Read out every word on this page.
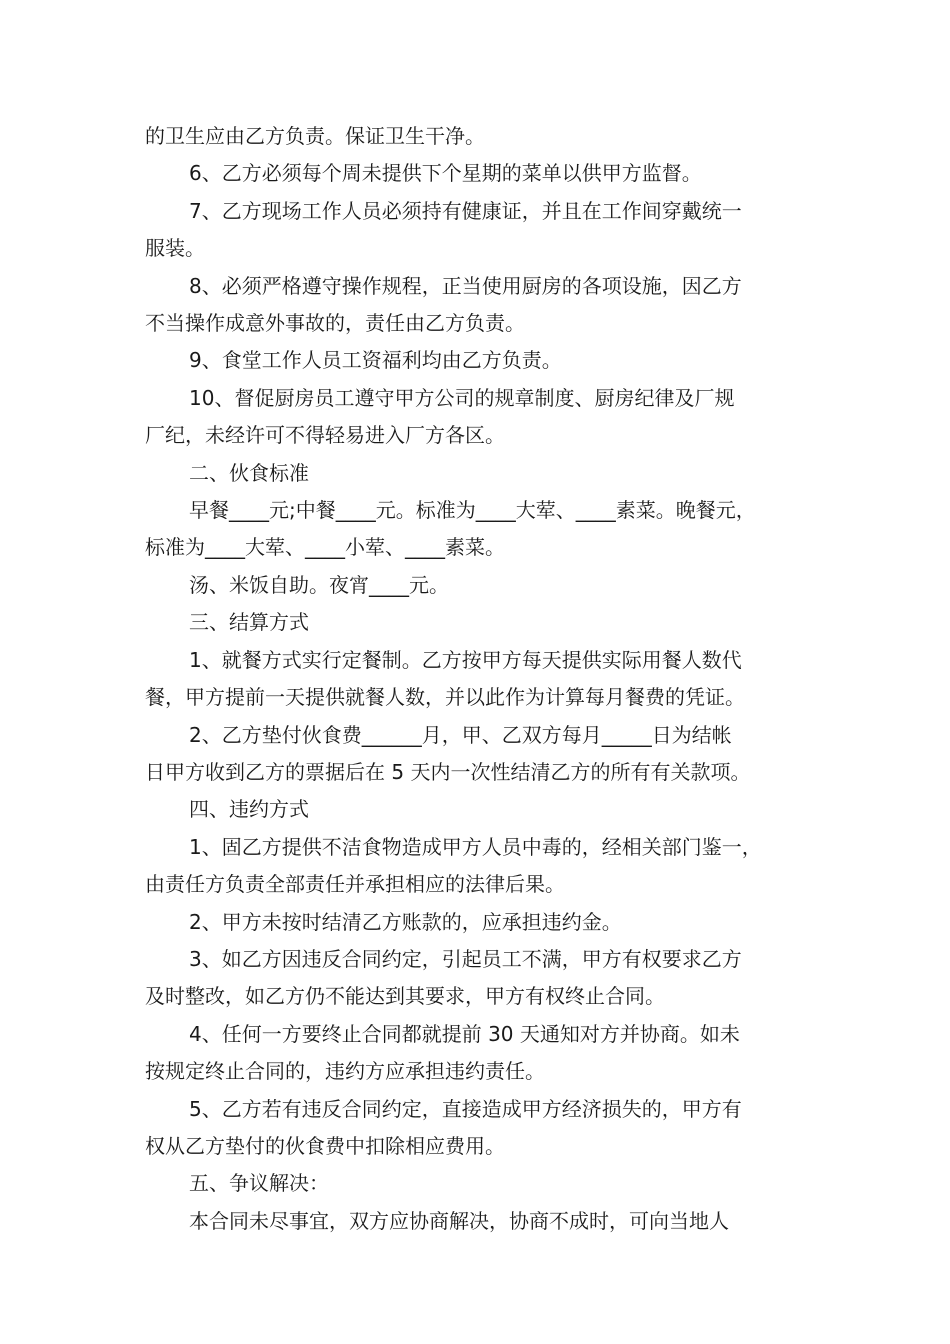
的卫生应由乙方负责。保证卫生干净。

6、乙方必须每个周未提供下个星期的菜单以供甲方监督。

7、乙方现场工作人员必须持有健康证，并且在工作间穿戴统一

服装。

8、必须严格遵守操作规程，正当使用厨房的各项设施，因乙方

不当操作成意外事故的，责任由乙方负责。

9、食堂工作人员工资福利均由乙方负责。

10、督促厨房员工遵守甲方公司的规章制度、厨房纪律及厂规

厂纪，未经许可不得轻易进入厂方各区。

二、伙食标准

早餐____元;中餐____元。标准为____大荤、____素菜。晚餐元，

标准为____大荤、____小荤、____素菜。

汤、米饭自助。夜宵____元。

三、结算方式

1、就餐方式实行定餐制。乙方按甲方每天提供实际用餐人数代

餐，甲方提前一天提供就餐人数，并以此作为计算每月餐费的凭证。

2、乙方垫付伙食费______月，甲、乙双方每月_____日为结帐

日甲方收到乙方的票据后在 5 天内一次性结清乙方的所有有关款项。

四、违约方式

1、固乙方提供不洁食物造成甲方人员中毒的，经相关部门鉴一，

由责任方负责全部责任并承担相应的法律后果。

2、甲方未按时结清乙方账款的，应承担违约金。

3、如乙方因违反合同约定，引起员工不满，甲方有权要求乙方

及时整改，如乙方仍不能达到其要求，甲方有权终止合同。

4、任何一方要终止合同都就提前 30 天通知对方并协商。如未

按规定终止合同的，违约方应承担违约责任。

5、乙方若有违反合同约定，直接造成甲方经济损失的，甲方有

权从乙方垫付的伙食费中扣除相应费用。

五、争议解决：

本合同未尽事宜，双方应协商解决，协商不成时，可向当地人
